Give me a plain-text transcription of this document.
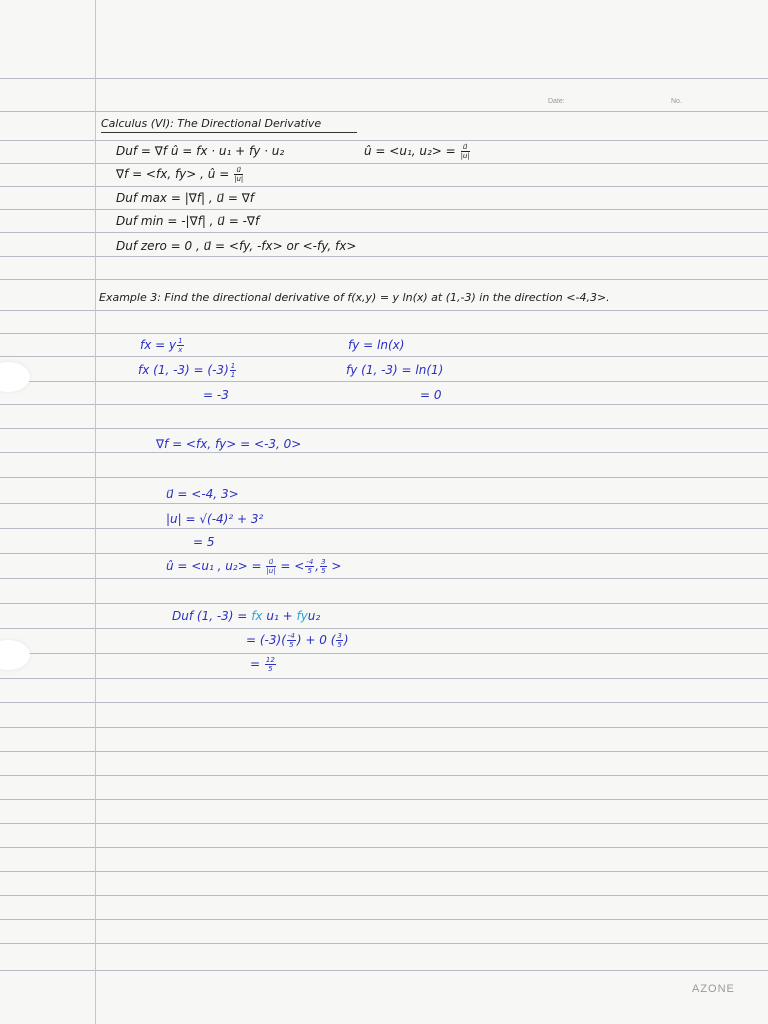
Date:	No.
Calculus (VI): The Directional Derivative
Duf = ∇f û = fx · u₁ + fy · u₂	û = <u₁, $u_2> = \frac{u⃗}{|u|}$
∇f = <fx, fy> , û = $\frac{u⃗}{|u|}$
Duf max = |∇f| , u⃗ = ∇f
Duf min = -|∇f| , u⃗ = -∇f
Duf zero = 0 , u⃗ = <fy, -fx> or <-fy, fx>
Example 3: Find the directional derivative of f(x,y) = y ln(x) at (1,-3) in the direction <-4,3>.
fx = y $\frac{1}{x}$
fx (1, $-3) = (-3) \frac{1}{1}$
= -3
fy = ln(x)
fy (1, -3) = ln(1)
= 0
∇f = <fx, fy> = <-3, 0>
u⃗ = <-4, 3>
|u| = √(-4)² + 3²
= 5
û = <u₁ , $u_2> = \frac{u⃗}{|u|}$ = < $\frac{-4}{5}$ , $\frac{3}{5}$ >
Duf (1, -3) = fx u₁ + fyu₂
= $(-3)( \frac{-4}{5}$ ) + 0 ( $\frac{3}{5}$ )
= $\frac{12}{5}$
AZONE
